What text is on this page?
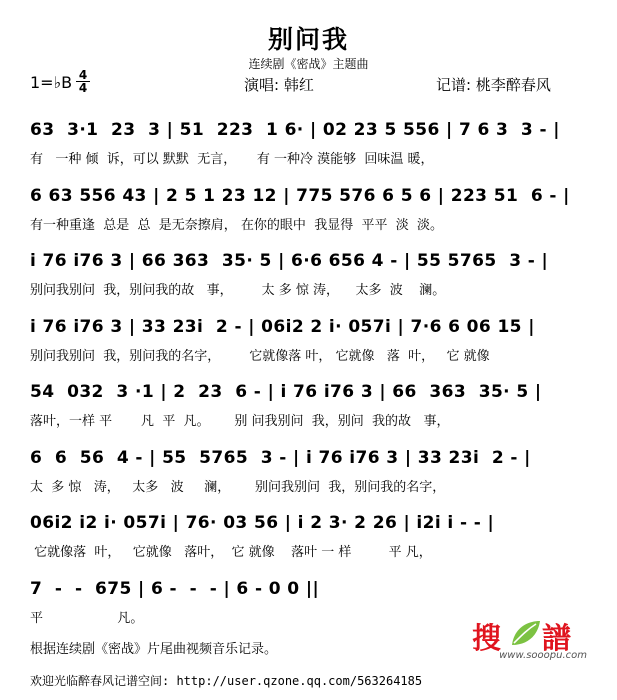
别问我
连续剧《密战》主题曲
1=♭B 4
4	演唱: 韩红	记谱: 桃李醉春风
63  3·1  23  3 | 51  223  1 6· | 02 23 5 556 | 7 6 3  3 - |
有   一种 倾  诉，可以 默默  无言，     有 一种冷 漠能够  回味温 暖，
6 63 556 43 | 2 5 1 23 12 | 775 576 6 5 6 | 223 51  6 - |
有一种重逢  总是  总  是无奈擦肩， 在你的眼中  我显得  平平  淡  淡。
i 76 i76 3 | 66 363  35· 5 | 6·6 656 4 - | 55 5765  3 - |
别问我别问  我，别问我的故   事，       太 多 惊 涛，    太多  波    澜。
i 76 i76 3 | 33 23i  2 - | 06i2 2 i· 057i | 7·6 6 06 15 |
别问我别问  我，别问我的名字，       它就像落 叶， 它就像   落  叶，   它 就像
54  032  3 ·1 | 2  23  6 - | i 76 i76 3 | 66  363  35· 5 |
落叶，一样 平       凡  平  凡。      别 问我别问  我，别问  我的故   事，
6  6  56  4 - | 55  5765  3 - | i 76 i76 3 | 33 23i  2 - |
太  多 惊   涛，   太多   波     澜，      别问我别问  我，别问我的名字，
06i2 i2 i· 057i | 76· 03 56 | i 2 3· 2 26 | i2i i - - |
它就像落  叶，   它就像   落叶，  它 就像    落叶 一 样         平 凡，
7  -  -  675 | 6 -  -  - | 6 - 0 0 ||
平                  凡。
根据连续剧《密战》片尾曲视频音乐记录。
欢迎光临醉春风记谱空间: http://user.qzone.qq.com/563264185
搜 譜
www.sooopu.com
